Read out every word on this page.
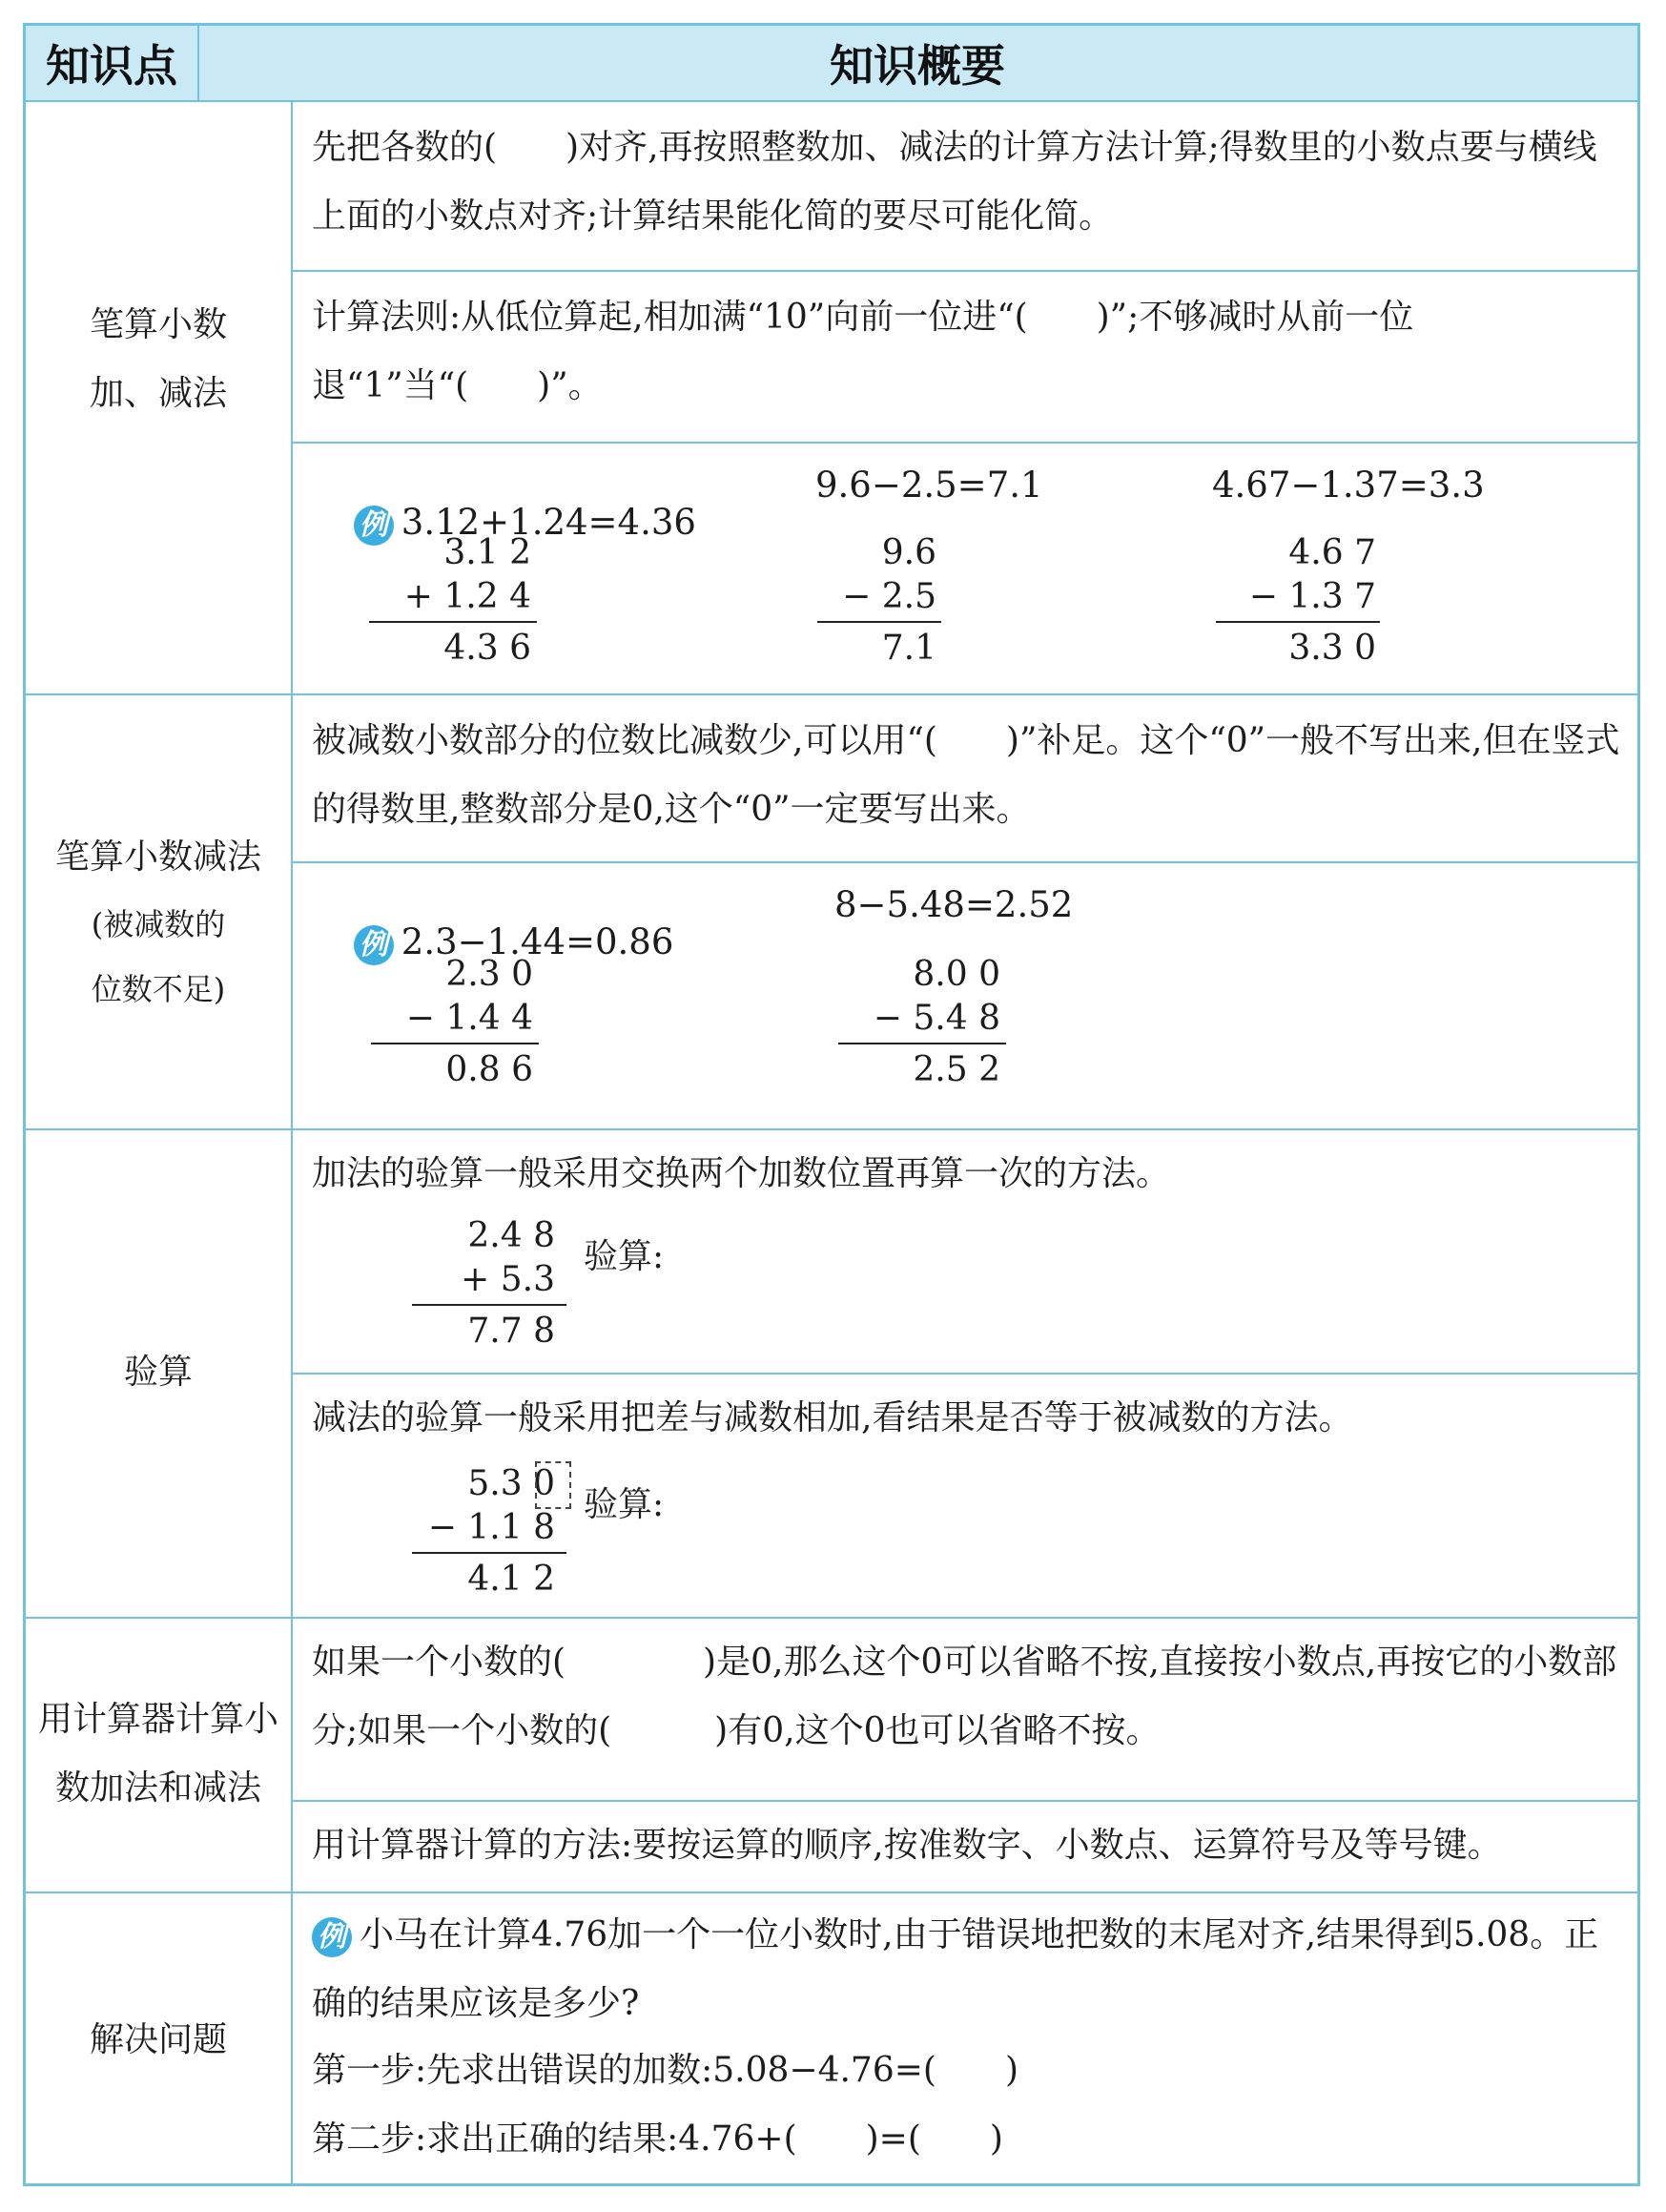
知识点	知识概要
笔算小数加、减法
先把各数的(　　)对齐,再按照整数加、减法的计算方法计算;得数里的小数点要与横线上面的小数点对齐;计算结果能化简的要尽可能化简。
计算法则:从低位算起,相加满“10”向前一位进“(　　)”;不够减时从前一位退“1”当“(　　)”。

例 3.12+1.24=4.36

9.6−2.5=7.1	4.67−1.37=3.3
3.1 2
+ 1.2 4
4.3 6
9.6
− 2.5
7.1
4.6 7
− 1.3 7
3.3 0
笔算小数减法
(被减数的
位数不足)
被减数小数部分的位数比减数少,可以用“(　　)”补足。这个“0”一般不写出来,但在竖式的得数里,整数部分是0,这个“0”一定要写出来。

例 2.3−1.44=0.86

8−5.48=2.52
2.3 0
− 1.4 4
0.8 6
8.0 0
− 5.4 8
2.5 2
验算
加法的验算一般采用交换两个加数位置再算一次的方法。
2.4 8
+ 5.3
7.7 8
验算:
减法的验算一般采用把差与减数相加,看结果是否等于被减数的方法。
5.3 0
− 1.1 8
4.1 2
验算:
用计算器计算小
数加法和减法
如果一个小数的(　　　　)是0,那么这个0可以省略不按,直接按小数点,再按它的小数部分;如果一个小数的(　　　)有0,这个0也可以省略不按。
用计算器计算的方法:要按运算的顺序,按准数字、小数点、运算符号及等号键。
解决问题
例 小马在计算4.76加一个一位小数时,由于错误地把数的末尾对齐,结果得到5.08。正确的结果应该是多少?
第一步:先求出错误的加数:5.08−4.76=(　　)
第二步:求出正确的结果:4.76+(　　)=(　　)
